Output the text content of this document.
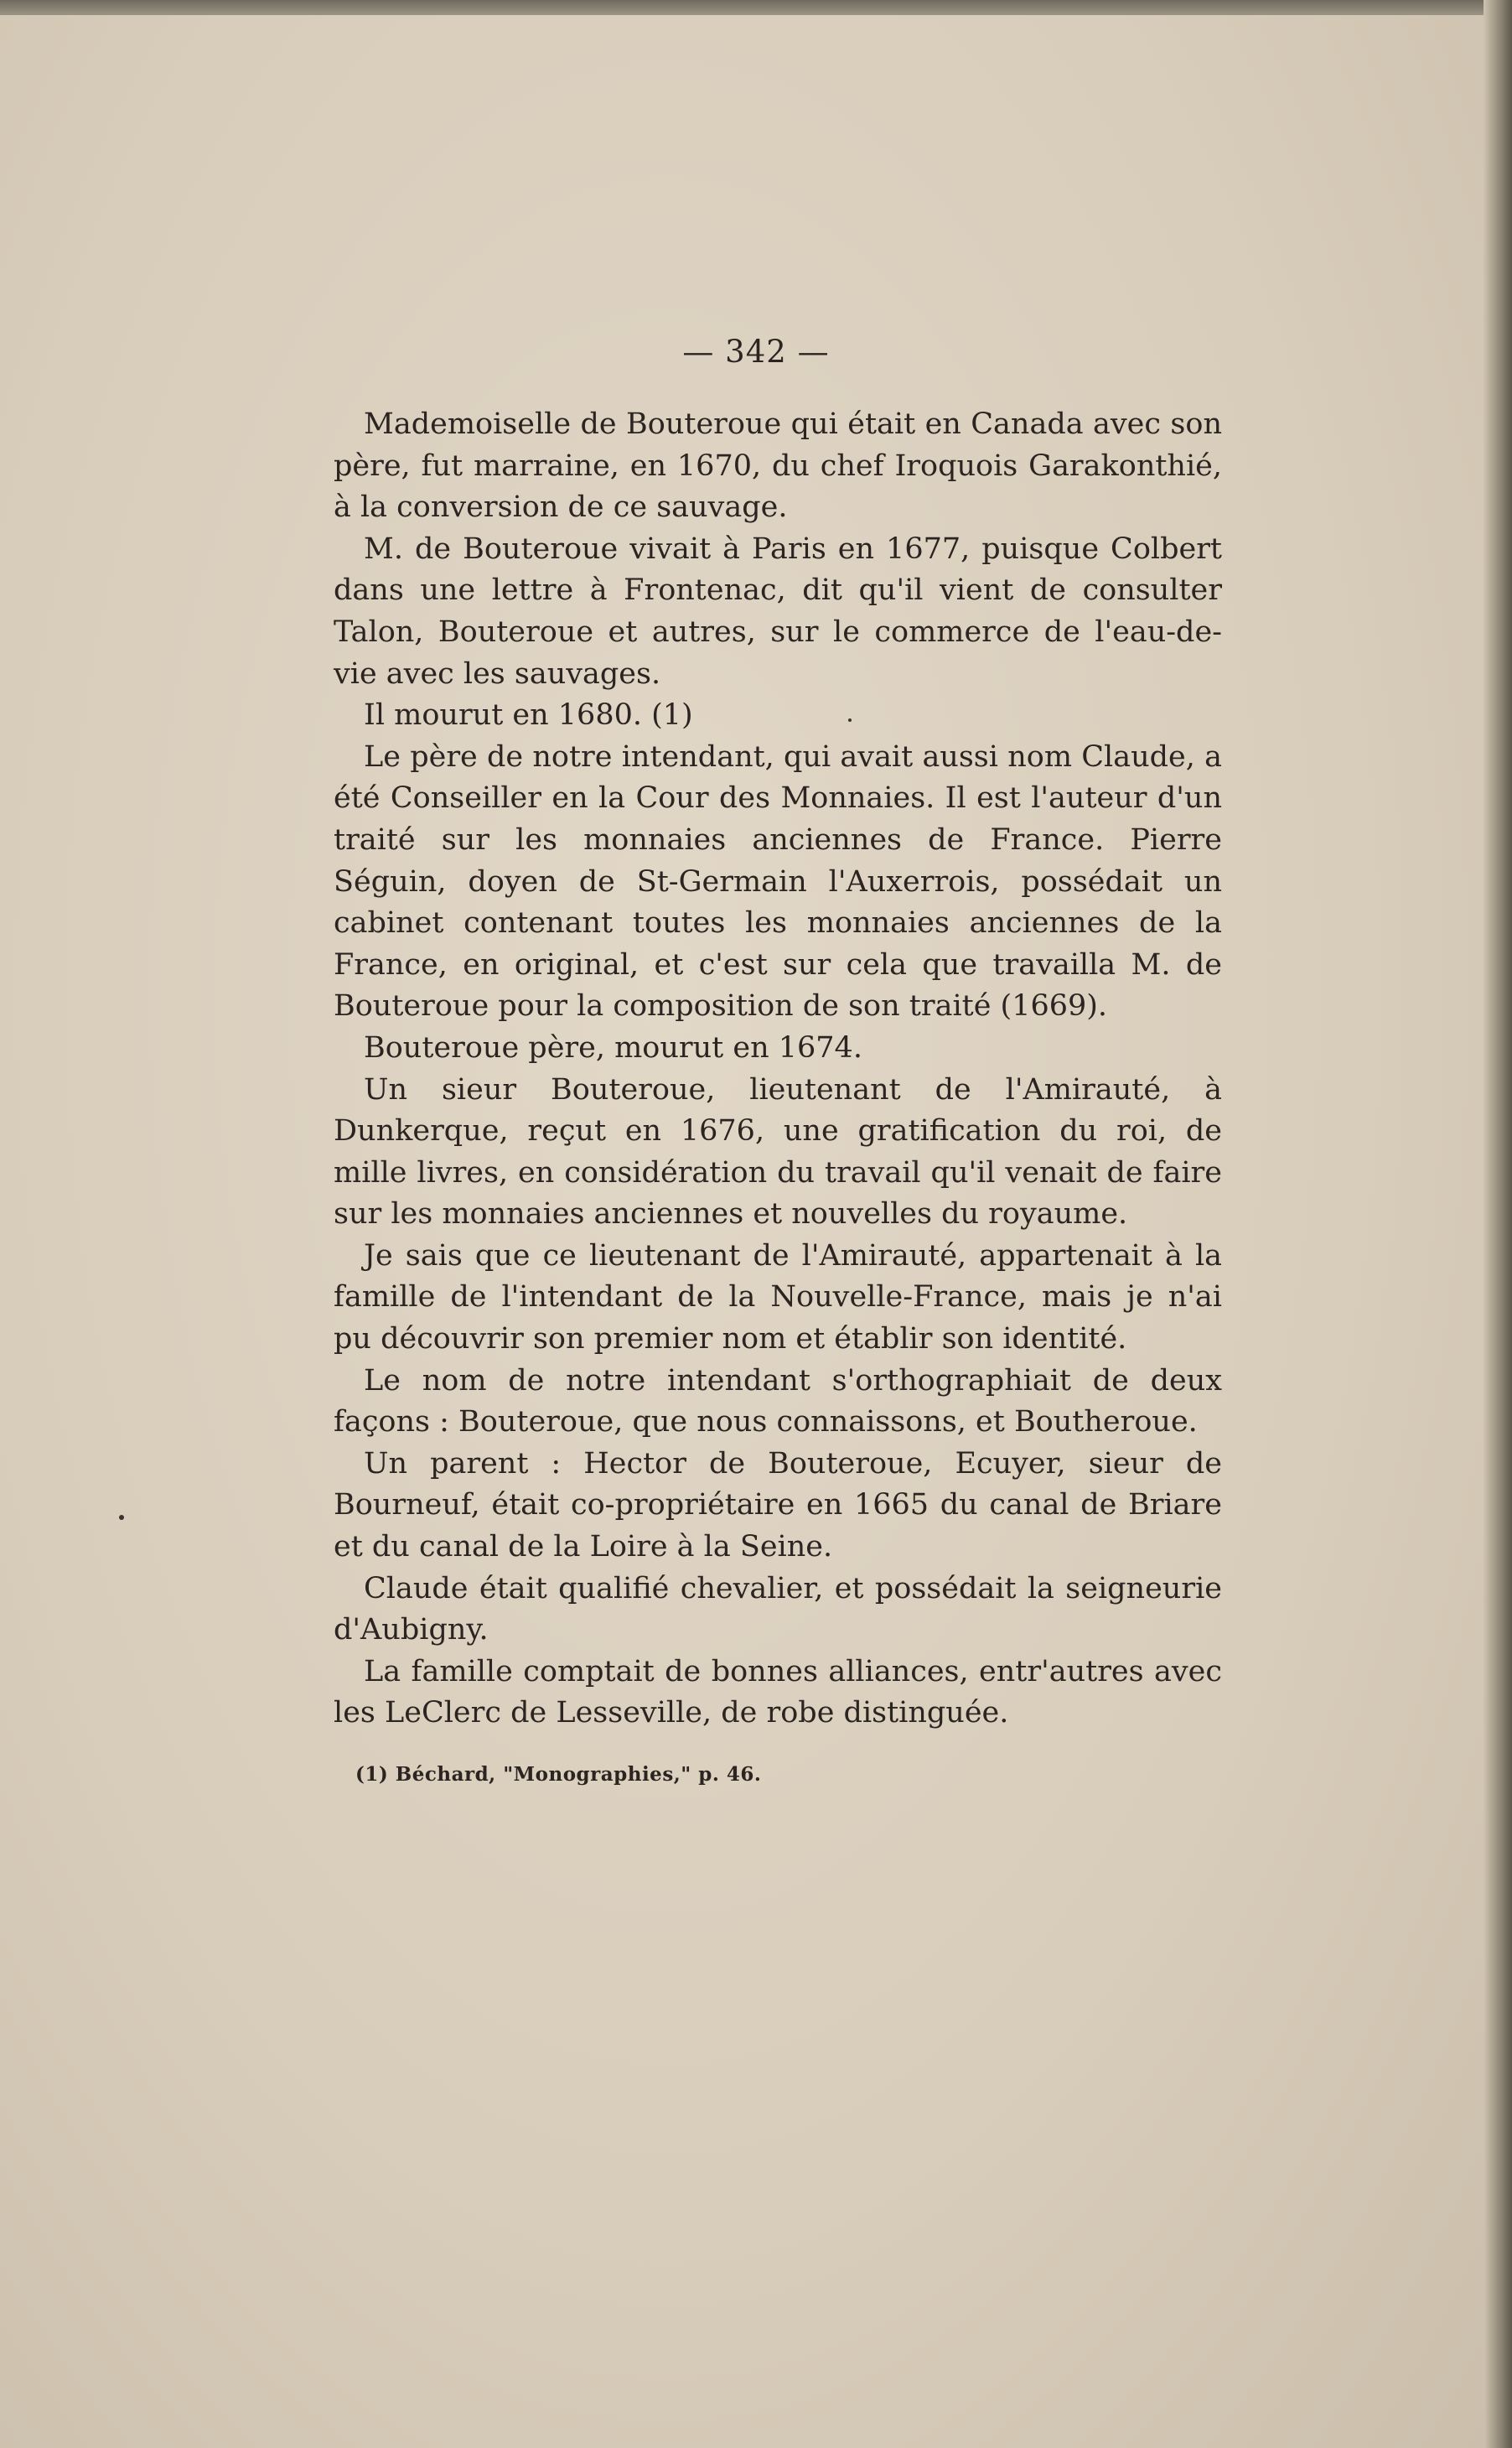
— 342 —

Mademoiselle de Bouteroue qui était en Canada avec son père, fut marraine, en 1670, du chef Iroquois Garakonthié, à la conversion de ce sauvage.

M. de Bouteroue vivait à Paris en 1677, puisque Colbert dans une lettre à Frontenac, dit qu'il vient de consulter Talon, Bouteroue et autres, sur le commerce de l'eau-de-vie avec les sauvages.

Il mourut en 1680. (1)

Le père de notre intendant, qui avait aussi nom Claude, a été Conseiller en la Cour des Monnaies. Il est l'auteur d'un traité sur les monnaies anciennes de France. Pierre Séguin, doyen de St-Germain l'Auxerrois, possédait un cabinet contenant toutes les monnaies anciennes de la France, en original, et c'est sur cela que travailla M. de Bouteroue pour la composition de son traité (1669).

Bouteroue père, mourut en 1674.

Un sieur Bouteroue, lieutenant de l'Amirauté, à Dunkerque, reçut en 1676, une gratification du roi, de mille livres, en considération du travail qu'il venait de faire sur les monnaies anciennes et nouvelles du royaume.

Je sais que ce lieutenant de l'Amirauté, appartenait à la famille de l'intendant de la Nouvelle-France, mais je n'ai pu découvrir son premier nom et établir son identité.

Le nom de notre intendant s'orthographiait de deux façons : Bouteroue, que nous connaissons, et Boutheroue.

Un parent : Hector de Bouteroue, Ecuyer, sieur de Bourneuf, était co-propriétaire en 1665 du canal de Briare et du canal de la Loire à la Seine.

Claude était qualifié chevalier, et possédait la seigneurie d'Aubigny.

La famille comptait de bonnes alliances, entr'autres avec les LeClerc de Lesseville, de robe distinguée.

(1) Béchard, "Monographies," p. 46.
